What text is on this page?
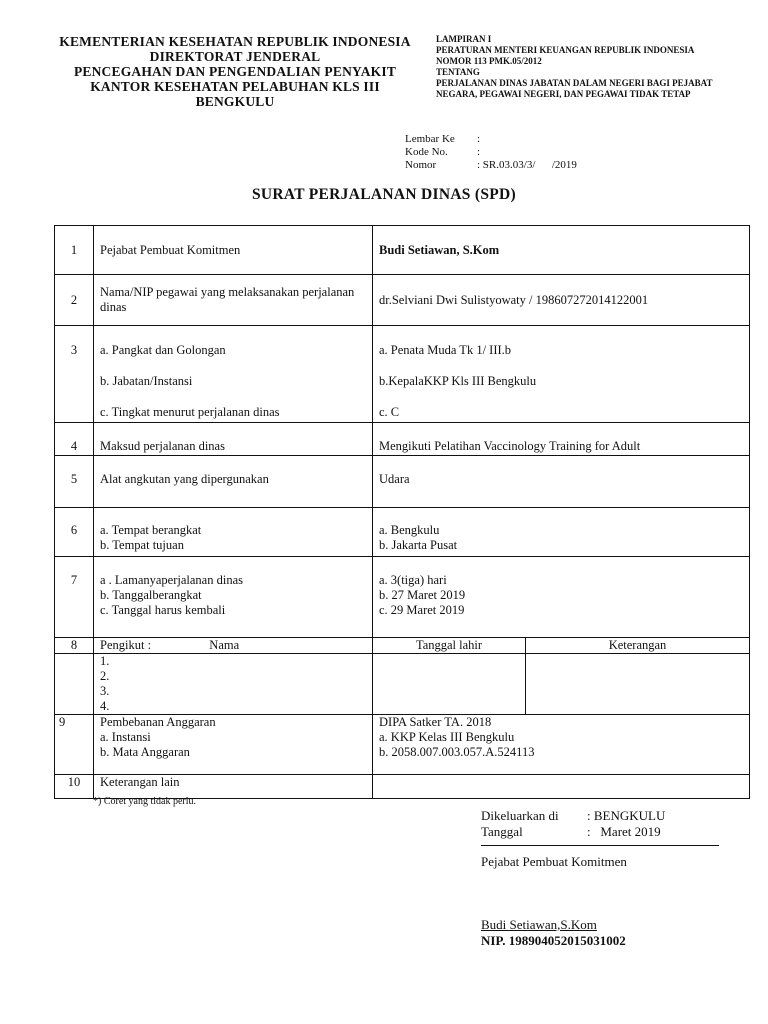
KEMENTERIAN KESEHATAN REPUBLIK INDONESIA
DIREKTORAT JENDERAL
PENCEGAHAN DAN PENGENDALIAN PENYAKIT
KANTOR KESEHATAN PELABUHAN KLS III
BENGKULU
LAMPIRAN I
PERATURAN MENTERI KEUANGAN REPUBLIK INDONESIA
NOMOR 113 PMK.05/2012
TENTANG
PERJALANAN DINAS JABATAN DALAM NEGERI BAGI PEJABAT
NEGARA, PEGAWAI NEGERI, DAN PEGAWAI TIDAK TETAP
Lembar Ke	:
Kode No.	:
Nomor	: SR.03.03/3/      /2019
SURAT PERJALANAN DINAS (SPD)
1	Pejabat Pembuat Komitmen	Budi Setiawan, S.Kom	
2	Nama/NIP pegawai yang melaksanakan perjalanan dinas	dr.Selviani Dwi Sulistyowaty / 198607272014122001	
3	a. Pangkat dan Golongan
b. Jabatan/Instansi
c. Tingkat menurut perjalanan dinas	a. Penata Muda Tk 1/ III.b
b.KepalaKKP Kls III Bengkulu
c. C	

4	Maksud perjalanan dinas	Mengikuti Pelatihan Vaccinology Training for Adult	
5	Alat angkutan yang dipergunakan	Udara	
6	a. Tempat berangkat
b. Tempat tujuan	a. Bengkulu
b. Jakarta Pusat	

7	a . Lamanyaperjalanan dinas
b. Tanggalberangkat
c. Tanggal harus kembali	a. 3(tiga) hari
b. 27 Maret 2019
c. 29 Maret 2019	

8	Pengikut : Nama	Tanggal lahir	Keterangan

	1.
2.
3.
4.		

9	Pembebanan Anggaran
a. Instansi
b. Mata Anggaran	DIPA Satker TA. 2018
a. KKP Kelas III Bengkulu
b. 2058.007.003.057.A.524113	

10	Keterangan lain		
*) Coret yang tidak perlu.
Dikeluarkan di	: BENGKULU
Tanggal	:   Maret 2019
Pejabat Pembuat Komitmen
Budi Setiawan,S.Kom
NIP. 198904052015031002
